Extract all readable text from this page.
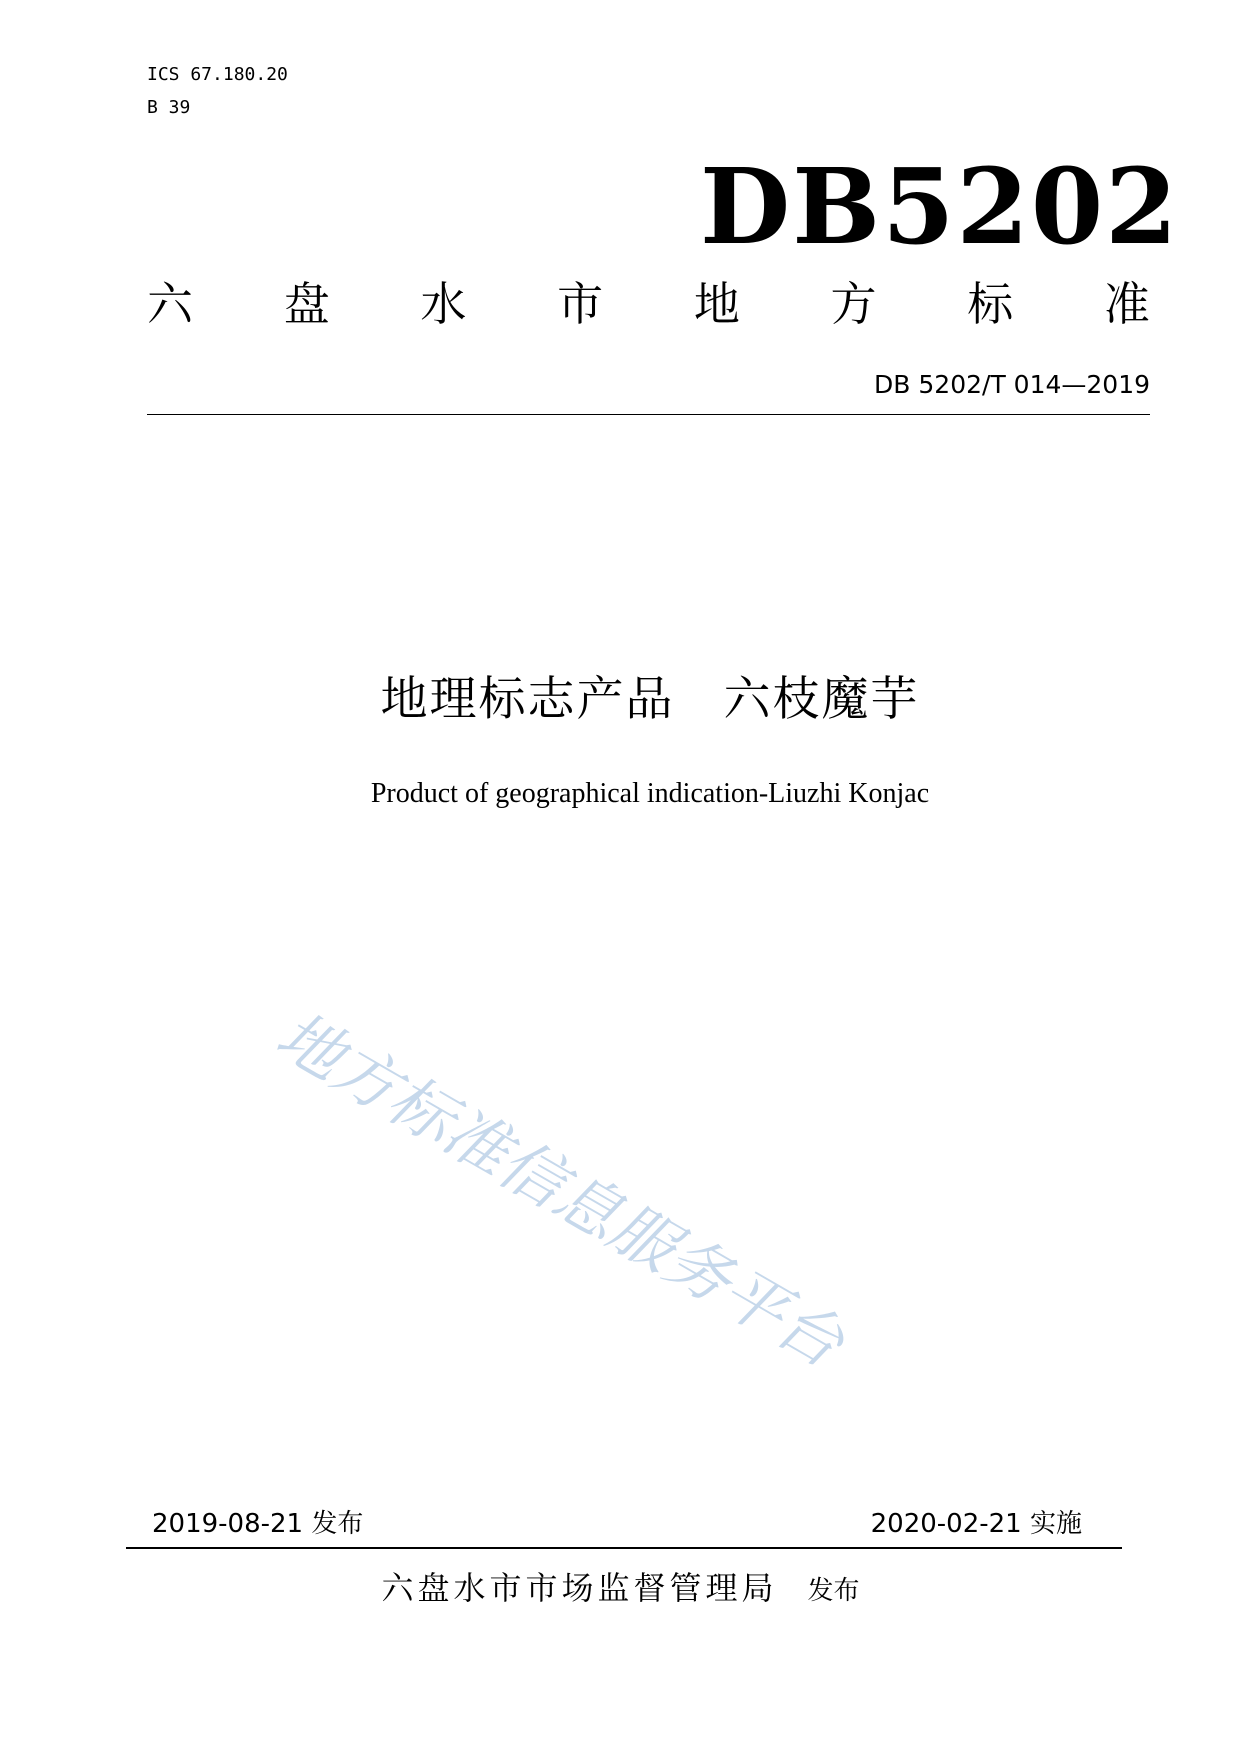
ICS 67.180.20
B 39
DB5202
六 盘 水 市 地 方 标 准
DB 5202/T 014—2019
地理标志产品　六枝魔芋
Product of geographical indication-Liuzhi Konjac
地方标准信息服务平台
2019-08-21 发布	2020-02-21 实施
六盘水市市场监督管理局 发布
